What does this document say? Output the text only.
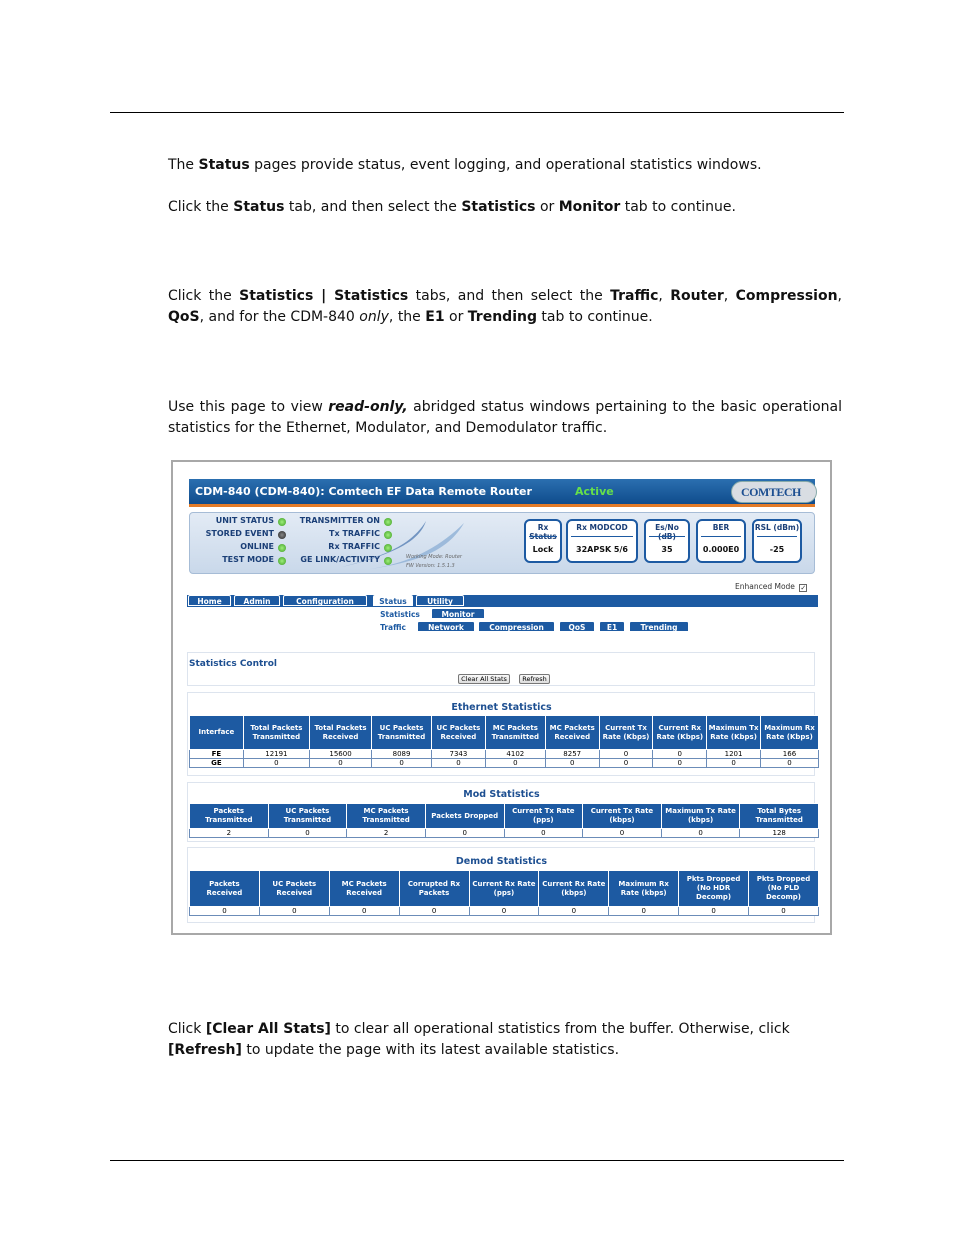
The Status pages provide status, event logging, and operational statistics windows.
Click the Status tab, and then select the Statistics or Monitor tab to continue.
Click the Statistics | Statistics tabs, and then select the Traffic, Router, Compression, QoS, and for the CDM-840 only, the E1 or Trending tab to continue.
Use this page to view read-only, abridged status windows pertaining to the basic operational statistics for the Ethernet, Modulator, and Demodulator traffic.
CDM-840 (CDM-840): Comtech EF Data Remote Router	Active	COMTECH
UNIT STATUS
STORED EVENT
ONLINE
TEST MODE
TRANSMITTER ON
Tx TRAFFIC
Rx TRAFFIC
GE LINK/ACTIVITY	Working Mode: Router
FW Version: 1.5.1.3
Rx
Lock
Rx MODCOD
32APSK 5/6
Es/No
35
BER
0.000E0
RSL (dBm)
-25
Enhanced Mode ✓
Home	Admin	Configuration	Status	Utility
Statistics	Monitor
Traffic	Network	Compression	QoS	E1	Trending
Statistics Control
Clear All Stats	Refresh
Ethernet Statistics
Interface	Total Packets Transmitted	Total Packets Received	UC Packets Transmitted	UC Packets Received	MC Packets Transmitted	MC Packets Received	Current Tx Rate (Kbps)	Current Rx Rate (Kbps)	Maximum Tx Rate (Kbps)	Maximum Rx Rate (Kbps)
FE	12191	15600	8089	7343	4102	8257	0	0	1201	166
GE	0	0	0	0	0	0	0	0	0	0
Mod Statistics
Packets Transmitted	UC Packets Transmitted	MC Packets Transmitted	Packets Dropped	Current Tx Rate (pps)	Current Tx Rate (kbps)	Maximum Tx Rate (kbps)	Total Bytes Transmitted
2	0	2	0	0	0	0	128
Demod Statistics
Packets Received	UC Packets Received	MC Packets Received	Corrupted Rx Packets	Current Rx Rate (pps)	Current Rx Rate (kbps)	Maximum Rx Rate (kbps)	Pkts Dropped (No HDR Decomp)	Pkts Dropped (No PLD Decomp)
0	0	0	0	0	0	0	0	0
Click [Clear All Stats] to clear all operational statistics from the buffer. Otherwise, click [Refresh] to update the page with its latest available statistics.
